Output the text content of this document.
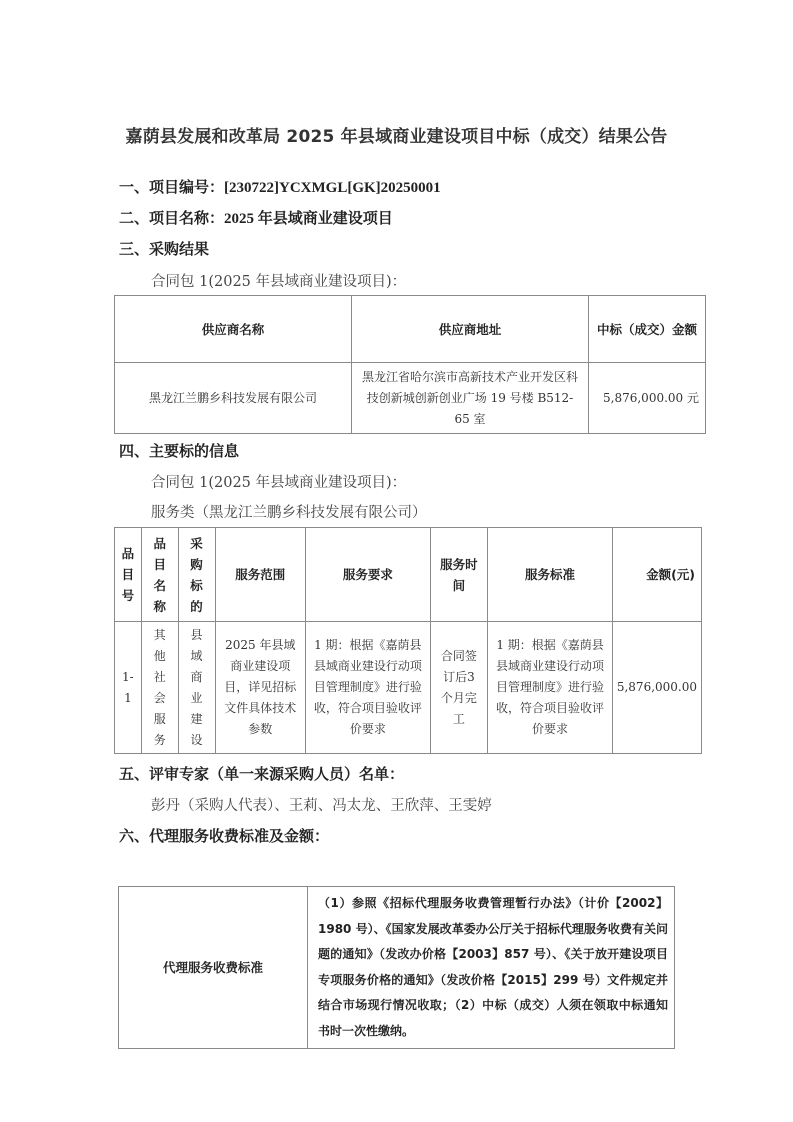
嘉荫县发展和改革局 2025 年县域商业建设项目中标（成交）结果公告
一、项目编号：[230722]YCXMGL[GK]20250001
二、项目名称：2025 年县域商业建设项目
三、采购结果
合同包 1(2025 年县域商业建设项目)：
供应商名称	供应商地址	中标（成交）金额
黑龙江兰鹏乡科技发展有限公司	黑龙江省哈尔滨市高新技术产业开发区科技创新城创新创业广场 19 号楼 B512-65 室	5,876,000.00 元
四、主要标的信息
合同包 1(2025 年县域商业建设项目)：
服务类（黑龙江兰鹏乡科技发展有限公司）
品目号	品目名称	采购标的	服务范围	服务要求	服务时间	服务标准	金额(元)
1-1	其他社会服务	县域商业建设	2025 年县域商业建设项目，详见招标文件具体技术参数	1 期：根据《嘉荫县县域商业建设行动项目管理制度》进行验收，符合项目验收评价要求	合同签订后3个月完工	1 期：根据《嘉荫县县域商业建设行动项目管理制度》进行验收，符合项目验收评价要求	5,876,000.00
五、评审专家（单一来源采购人员）名单：
彭丹（采购人代表）、王莉、冯太龙、王欣萍、王雯婷
六、代理服务收费标准及金额：
代理服务收费标准	（1）参照《招标代理服务收费管理暂行办法》（计价【2002】1980 号）、《国家发展改革委办公厅关于招标代理服务收费有关问题的通知》（发改办价格【2003】857 号）、《关于放开建设项目专项服务价格的通知》（发改价格【2015】299 号）文件规定并结合市场现行情况收取；（2）中标（成交）人须在领取中标通知书时一次性缴纳。
